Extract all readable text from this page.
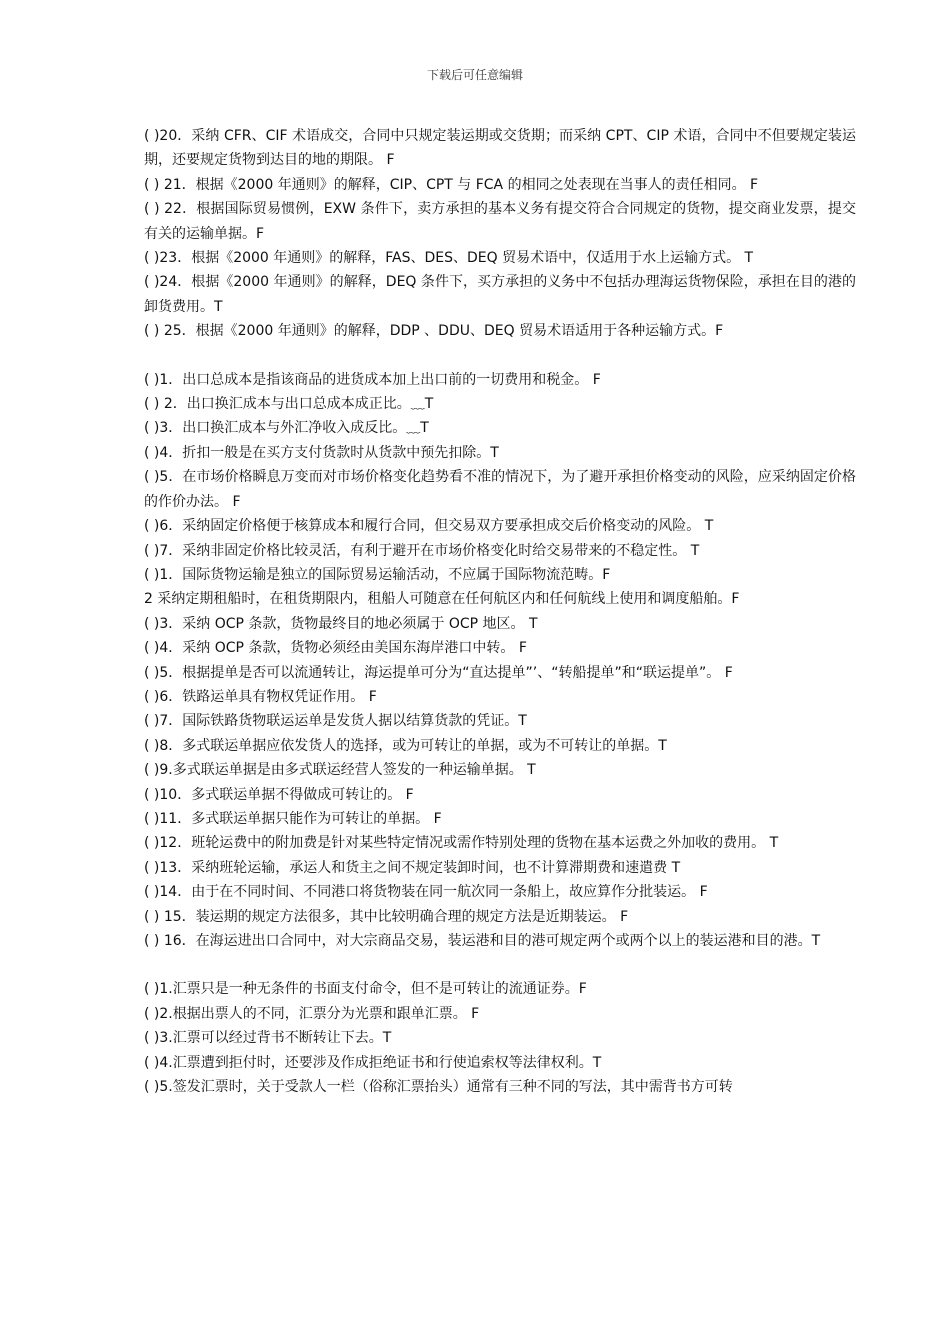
下载后可任意编辑

( )20．采纳 CFR、CIF 术语成交，合同中只规定装运期或交货期；而采纳 CPT、CIP 术语，合同中不但要规定装运期，还要规定货物到达目的地的期限。 F

( ) 21．根据《2000 年通则》的解释，CIP、CPT 与 FCA 的相同之处表现在当事人的责任相同。 F

( ) 22．根据国际贸易惯例，EXW 条件下，卖方承担的基本义务有提交符合合同规定的货物，提交商业发票，提交有关的运输单据。F

( )23．根据《2000 年通则》的解释，FAS、DES、DEQ 贸易术语中，仅适用于水上运输方式。 T

( )24．根据《2000 年通则》的解释，DEQ 条件下，买方承担的义务中不包括办理海运货物保险，承担在目的港的卸货费用。T

( ) 25．根据《2000 年通则》的解释，DDP 、DDU、DEQ 贸易术语适用于各种运输方式。F

( )1．出口总成本是指该商品的进货成本加上出口前的一切费用和税金。 F

( ) 2．出口换汇成本与出口总成本成正比。﹏T

( )3．出口换汇成本与外汇净收入成反比。﹏T

( )4．折扣一般是在买方支付货款时从货款中预先扣除。T

( )5．在市场价格瞬息万变而对市场价格变化趋势看不准的情况下，为了避开承担价格变动的风险，应采纳固定价格的作价办法。 F

( )6．采纳固定价格便于核算成本和履行合同，但交易双方要承担成交后价格变动的风险。 T

( )7．采纳非固定价格比较灵活，有利于避开在市场价格变化时给交易带来的不稳定性。 T

( )1．国际货物运输是独立的国际贸易运输活动，不应属于国际物流范畴。F

2 采纳定期租船时，在租货期限内，租船人可随意在任何航区内和任何航线上使用和调度船舶。F

( )3．采纳 OCP 条款，货物最终目的地必须属于 OCP 地区。 T

( )4．采纳 OCP 条款，货物必须经由美国东海岸港口中转。 F

( )5．根据提单是否可以流通转让，海运提单可分为“直达提单”’、“转船提单”和“联运提单”。 F

( )6．铁路运单具有物权凭证作用。 F

( )7．国际铁路货物联运运单是发货人据以结算货款的凭证。T

( )8．多式联运单据应依发货人的选择，或为可转让的单据，或为不可转让的单据。T

( )9.多式联运单据是由多式联运经营人签发的一种运输单据。 T

( )10．多式联运单据不得做成可转让的。 F

( )11．多式联运单据只能作为可转让的单据。 F

( )12．班轮运费中的附加费是针对某些特定情况或需作特别处理的货物在基本运费之外加收的费用。 T

( )13．采纳班轮运输，承运人和货主之间不规定装卸时间，也不计算滞期费和速遣费 T

( )14．由于在不同时间、不同港口将货物装在同一航次同一条船上，故应算作分批装运。 F

( ) 15．装运期的规定方法很多，其中比较明确合理的规定方法是近期装运。 F

( ) 16．在海运进出口合同中，对大宗商品交易，装运港和目的港可规定两个或两个以上的装运港和目的港。T

( )1.汇票只是一种无条件的书面支付命令，但不是可转让的流通证券。F

( )2.根据出票人的不同，汇票分为光票和跟单汇票。 F

( )3.汇票可以经过背书不断转让下去。T

( )4.汇票遭到拒付时，还要涉及作成拒绝证书和行使追索权等法律权利。T

( )5.签发汇票时，关于受款人一栏（俗称汇票抬头）通常有三种不同的写法，其中需背书方可转
